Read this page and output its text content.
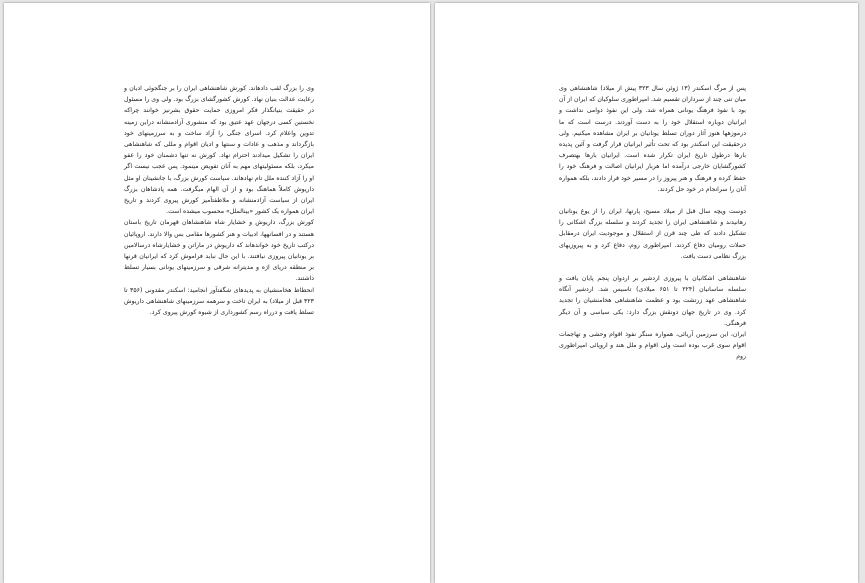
وی را بزرگ لقب دادهاند. کورش شاهنشاهی ایران را بر جنگجوئی ادیان و رعایت عدالت بنیان نهاد. کورش کشورگشای بزرگ بود. ولی وی را مسئول در حقیقت بنیانگذار فکر امروزی حمایت حقوق بشرنیز خوانند چراکه نخستین کسی درجهان عهد عتیق بود که منشوری آزادمنشانه دراین زمینه تدوین واعلام کرد. اسرای جنگی را آزاد ساخت و به سرزمینهای خود بازگرداند و مذهب و عادات و سنتها و ادیان اقوام و مللی که شاهنشاهی ایران را تشکیل میدادند احترام نهاد. کورش نه تنها دشمنان خود را عفو میکرد، بلکه مسئولیتهای مهم به آنان تفویض مینمود. پس عجب نیست اگر او را آزاد کننده ملل تام نهادهاند. سیاست کورش بزرگ، با جانشینان او مثل داریوش کاملاً هماهنگ بود و از آن الهام میگرفت. همه پادشاهان بزرگ ایران از سیاست آزادمنشانه و ملاطفتآمیز کورش پیروی کردند و تاریخ ایران همواره یک کشور «بینالملل» محسوب میشده است.

کورش بزرگ، داریوش و خشایار شاه شاهنشاهان قهرمان تاریخ باستان هستند و در افسانهها، ادبیات و هنر کشورها مقامی بس والا دارند. اروپائیان درکتب تاریخ خود خواندهاند که داریوش در ماراتن و خشایارشاه درسالامین بر یونانیان پیروزی نیافتند. با این حال نباید فراموش کرد که ایرانیان قرنها بر منطقه دریای اژه و مدیترانه شرقی و سرزمینهای یونانی بسیار تسلط داشتند.

انحطاط هخامنشیان به پدیدهای شگفتآور انجامید: اسکندر مقدونی (۳۵۶ تا ۳۲۳ قبل از میلاد) به ایران تاخت و سرهمه سرزمینهای شاهنشاهی داریوش تسلط یافت و درراه رسم کشورداری از شیوه کورش پیروی کرد.

پس از مرگ اسکندر (۱۳ ژوئن سال ۳۲۳ پیش از میلاد) شاهنشاهی وی میان تنی چند از سرداران تقسیم شد. امپراطوری سلوکیان که ایران از آن بود با نفوذ فرهنگ یونانی همراه شد. ولی این نفوذ دوامی نداشت و ایرانیان دوباره استقلال خود را به دست آوردند. درست است که ما درموزهها هنوز آثار دوران تسلط یونانیان بر ایران مشاهده میکنیم. ولی درحقیقت این اسکندر بود که تحت تأثیر ایرانیان قرار گرفت و آئین پدیده بارها درطول تاریخ ایران تکرار شده است. ایرانیان بارها بهتصرف کشورگشایان خارجی درآمده اما هربار ایرانیان اصالت و فرهنگ خود را حفظ کرده و فرهنگ و هنر پیروز را در مسیر خود قرار دادند، بلکه همواره آنان را سرانجام در خود حل کردند.

دوست ویچه سال قبل از میلاد مسیح، پارتها، ایران را از یوغ یونانیان رهانیدند و شاهنشاهی ایران را تجدید کردند و سلسله بزرگ اشکانی را تشکیل دادند که طی چند قرن از استقلال و موجودیت ایران درمقابل حملات رومیان دفاع کردند. امپراطوری روم، دفاع کرد و به پیروزیهای بزرگ نظامی دست یافت.

شاهنشاهی اشکانیان با پیروزی اردشیر بر اردوان پنجم پایان یافت و سلسله ساسانیان (۲۲۴ تا ۶۵۱ میلادی) تاسیس شد. اردشیر آنگاه شاهنشاهی عهد زرتشت بود و عظمت شاهنشاهی هخامنشیان را تجدید کرد. وی در تاریخ جهان دونقش بزرگ دارد: یکی سیاسی و آن دیگر فرهنگی.

ایران، این سرزمین آریائی، همواره سنگر نفوذ اقوام وحشی و تهاجمات اقوام سوی غرب بوده است ولی اقوام و ملل هند و اروپائی امپراطوری روم
